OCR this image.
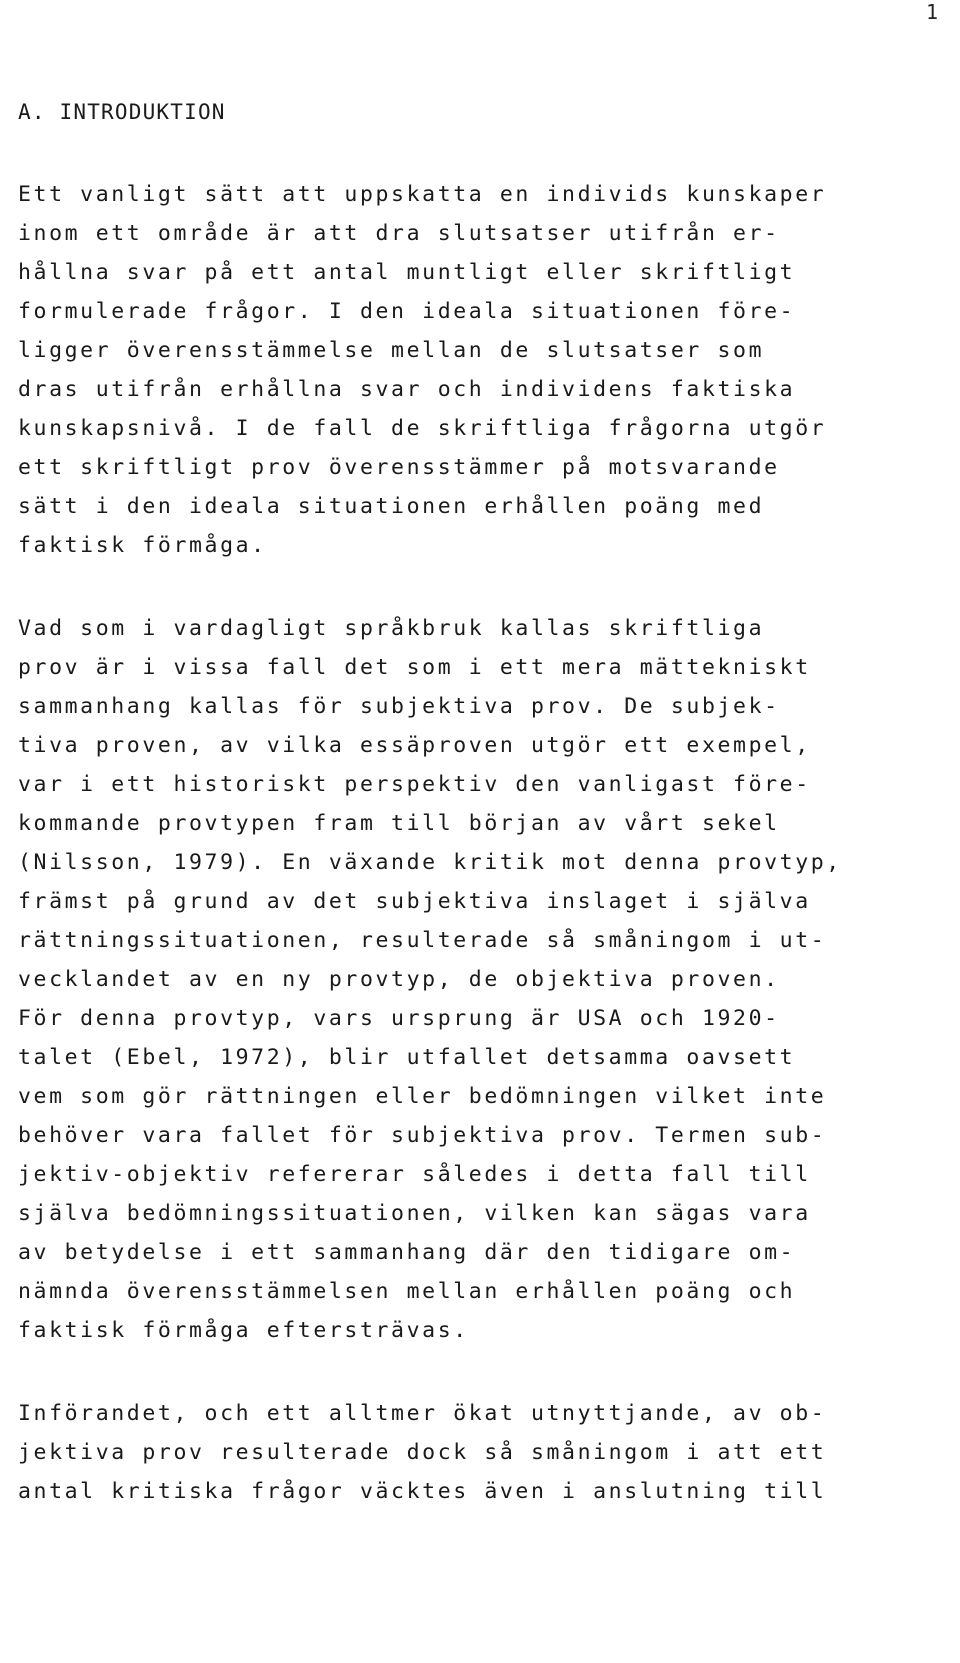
1
A. INTRODUKTION
Ett vanligt sätt att uppskatta en individs kunskaper
inom ett område är att dra slutsatser utifrån er-
hållna svar på ett antal muntligt eller skriftligt
formulerade frågor. I den ideala situationen före-
ligger överensstämmelse mellan de slutsatser som
dras utifrån erhållna svar och individens faktiska
kunskapsnivå. I de fall de skriftliga frågorna utgör
ett skriftligt prov överensstämmer på motsvarande
sätt i den ideala situationen erhållen poäng med
faktisk förmåga.
Vad som i vardagligt språkbruk kallas skriftliga
prov är i vissa fall det som i ett mera mättekniskt
sammanhang kallas för subjektiva prov. De subjek-
tiva proven, av vilka essäproven utgör ett exempel,
var i ett historiskt perspektiv den vanligast före-
kommande provtypen fram till början av vårt sekel
(Nilsson, 1979). En växande kritik mot denna provtyp,
främst på grund av det subjektiva inslaget i själva
rättningssituationen, resulterade så småningom i ut-
vecklandet av en ny provtyp, de objektiva proven.
För denna provtyp, vars ursprung är USA och 1920-
talet (Ebel, 1972), blir utfallet detsamma oavsett
vem som gör rättningen eller bedömningen vilket inte
behöver vara fallet för subjektiva prov. Termen sub-
jektiv-objektiv refererar således i detta fall till
själva bedömningssituationen, vilken kan sägas vara
av betydelse i ett sammanhang där den tidigare om-
nämnda överensstämmelsen mellan erhållen poäng och
faktisk förmåga eftersträvas.
Införandet, och ett alltmer ökat utnyttjande, av ob-
jektiva prov resulterade dock så småningom i att ett
antal kritiska frågor väcktes även i anslutning till
